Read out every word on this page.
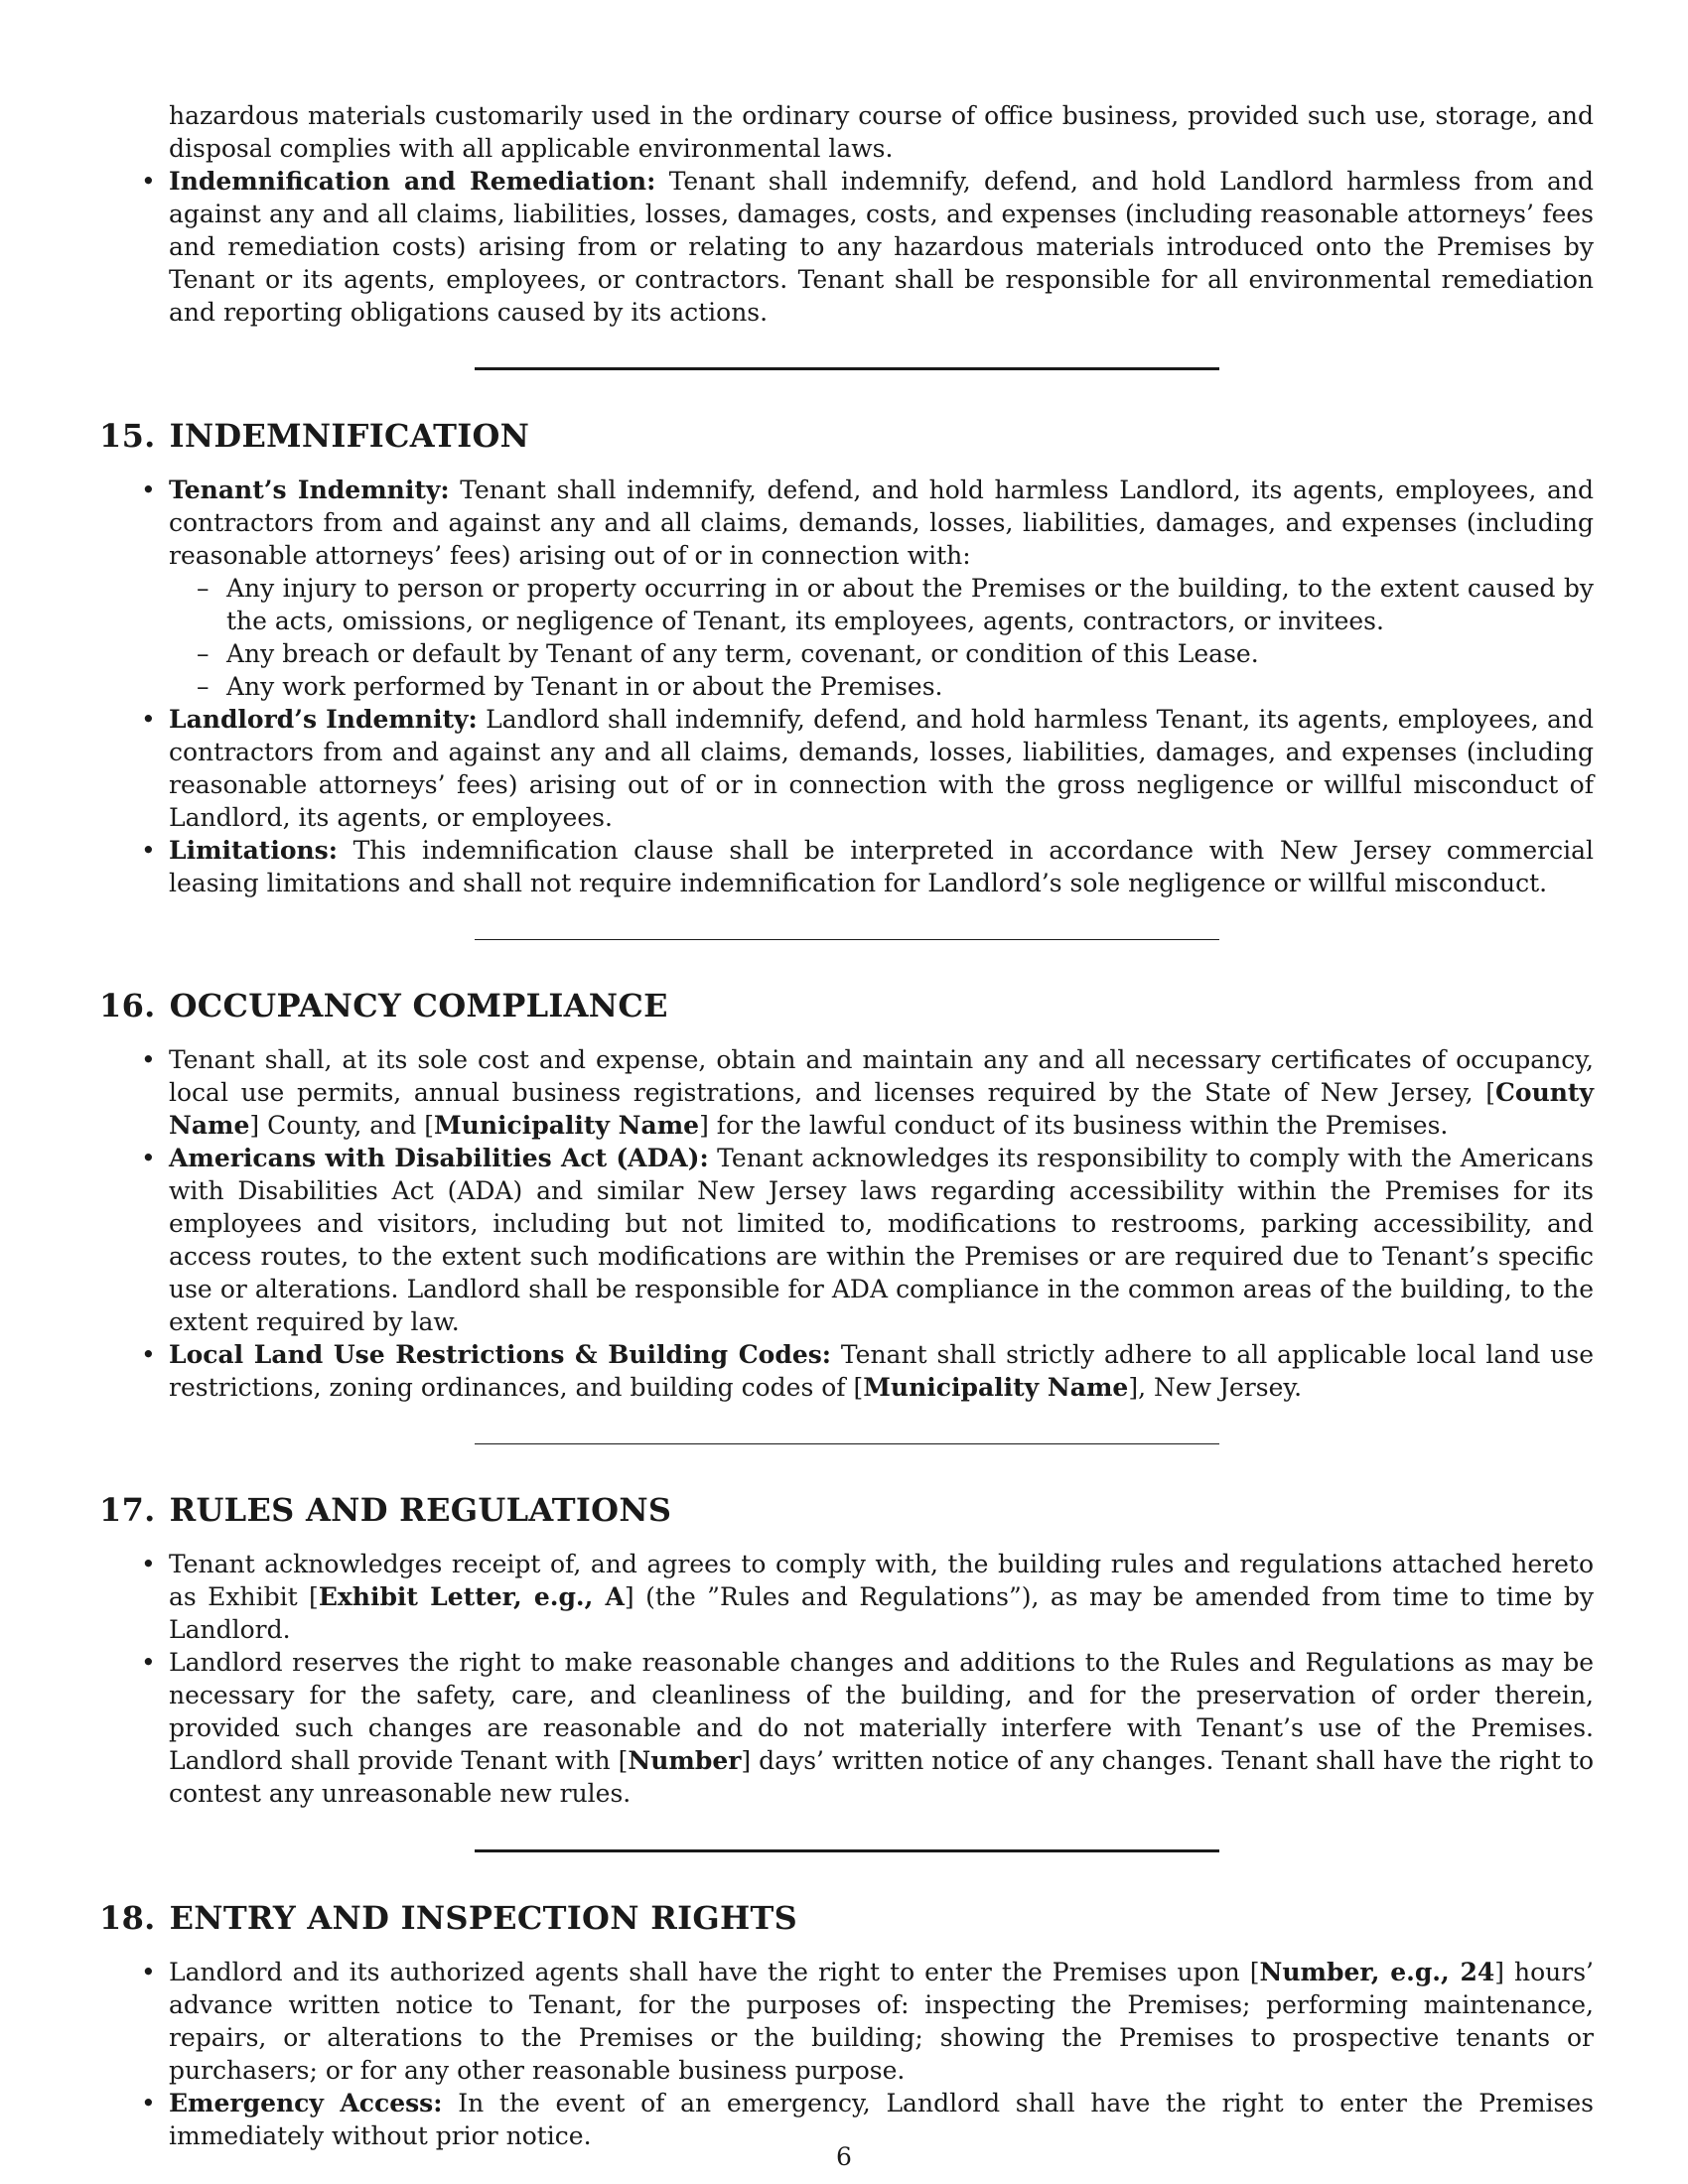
hazardous materials customarily used in the ordinary course of office business, provided such use, storage, and disposal complies with all applicable environmental laws.
• Indemnification and Remediation: Tenant shall indemnify, defend, and hold Landlord harmless from and against any and all claims, liabilities, losses, damages, costs, and expenses (including reasonable attorneys’ fees and remediation costs) arising from or relating to any hazardous materials introduced onto the Premises by Tenant or its agents, employees, or contractors. Tenant shall be responsible for all environmental remediation and reporting obligations caused by its actions.
15. INDEMNIFICATION
• Tenant’s Indemnity: Tenant shall indemnify, defend, and hold harmless Landlord, its agents, employees, and contractors from and against any and all claims, demands, losses, liabilities, damages, and expenses (including reasonable attorneys’ fees) arising out of or in connection with:
– Any injury to person or property occurring in or about the Premises or the building, to the extent caused by the acts, omissions, or negligence of Tenant, its employees, agents, contractors, or invitees.
– Any breach or default by Tenant of any term, covenant, or condition of this Lease.
– Any work performed by Tenant in or about the Premises.
• Landlord’s Indemnity: Landlord shall indemnify, defend, and hold harmless Tenant, its agents, employees, and contractors from and against any and all claims, demands, losses, liabilities, damages, and expenses (including reasonable attorneys’ fees) arising out of or in connection with the gross negligence or willful misconduct of Landlord, its agents, or employees.
• Limitations: This indemnification clause shall be interpreted in accordance with New Jersey commercial leasing limitations and shall not require indemnification for Landlord’s sole negligence or willful misconduct.
16. OCCUPANCY COMPLIANCE
• Tenant shall, at its sole cost and expense, obtain and maintain any and all necessary certificates of occupancy, local use permits, annual business registrations, and licenses required by the State of New Jersey, [County Name] County, and [Municipality Name] for the lawful conduct of its business within the Premises.
• Americans with Disabilities Act (ADA): Tenant acknowledges its responsibility to comply with the Americans with Disabilities Act (ADA) and similar New Jersey laws regarding accessibility within the Premises for its employees and visitors, including but not limited to, modifications to restrooms, parking accessibility, and access routes, to the extent such modifications are within the Premises or are required due to Tenant’s specific use or alterations. Landlord shall be responsible for ADA compliance in the common areas of the building, to the extent required by law.
• Local Land Use Restrictions & Building Codes: Tenant shall strictly adhere to all applicable local land use restrictions, zoning ordinances, and building codes of [Municipality Name], New Jersey.
17. RULES AND REGULATIONS
• Tenant acknowledges receipt of, and agrees to comply with, the building rules and regulations attached hereto as Exhibit [Exhibit Letter, e.g., A] (the ”Rules and Regulations”), as may be amended from time to time by Landlord.
• Landlord reserves the right to make reasonable changes and additions to the Rules and Regulations as may be necessary for the safety, care, and cleanliness of the building, and for the preservation of order therein, provided such changes are reasonable and do not materially interfere with Tenant’s use of the Premises. Landlord shall provide Tenant with [Number] days’ written notice of any changes. Tenant shall have the right to contest any unreasonable new rules.
18. ENTRY AND INSPECTION RIGHTS
• Landlord and its authorized agents shall have the right to enter the Premises upon [Number, e.g., 24] hours’ advance written notice to Tenant, for the purposes of: inspecting the Premises; performing maintenance, repairs, or alterations to the Premises or the building; showing the Premises to prospective tenants or purchasers; or for any other reasonable business purpose.
• Emergency Access: In the event of an emergency, Landlord shall have the right to enter the Premises immediately without prior notice.
6
